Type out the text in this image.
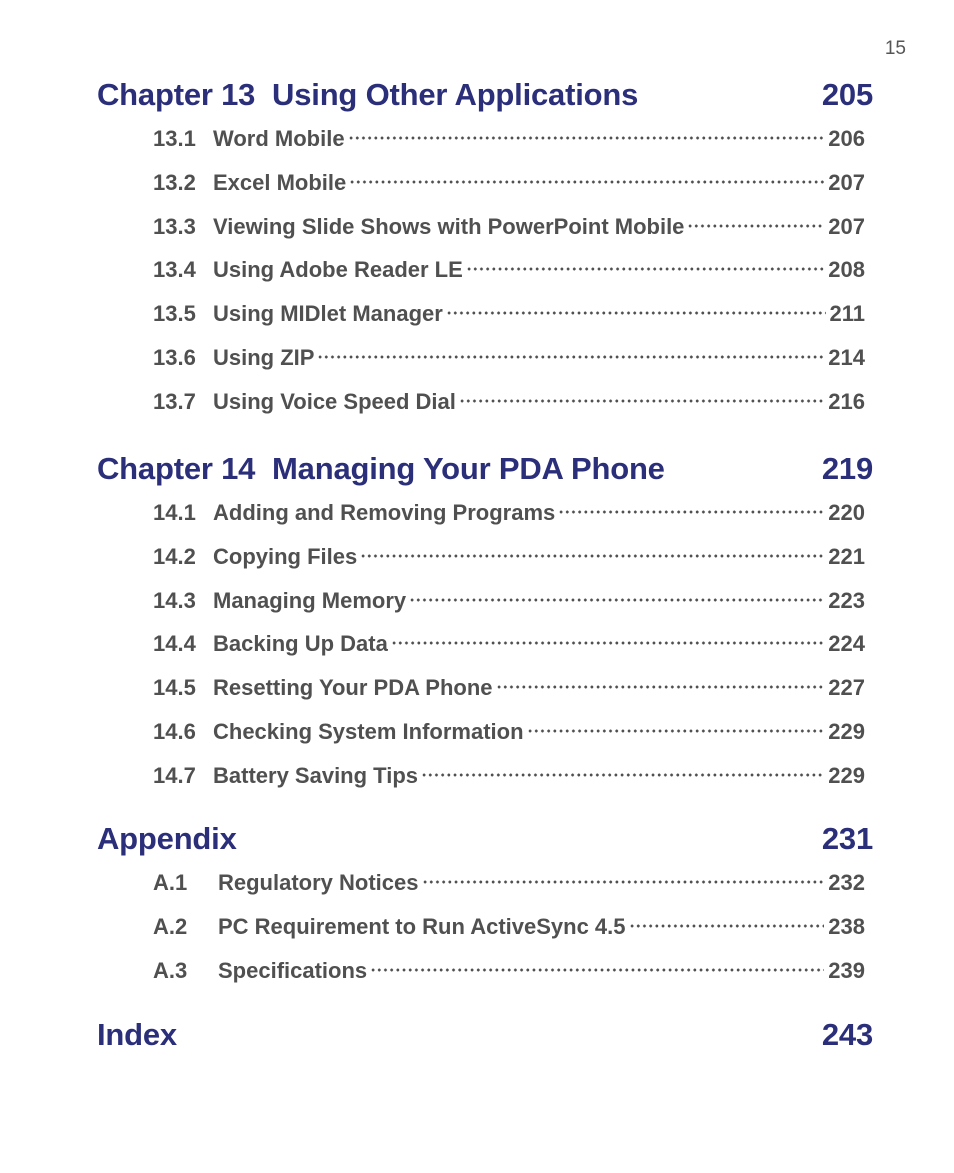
15
Chapter 13  Using Other Applications	205
13.1 Word Mobile	206
13.2 Excel Mobile	207
13.3 Viewing Slide Shows with PowerPoint Mobile	207
13.4 Using Adobe Reader LE	208
13.5 Using MIDlet Manager	211
13.6 Using ZIP	214
13.7 Using Voice Speed Dial	216
Chapter 14  Managing Your PDA Phone	219
14.1 Adding and Removing Programs	220
14.2 Copying Files	221
14.3 Managing Memory	223
14.4 Backing Up Data	224
14.5 Resetting Your PDA Phone	227
14.6 Checking System Information	229
14.7 Battery Saving Tips	229
Appendix	231
A.1	Regulatory Notices	232
A.2	PC Requirement to Run ActiveSync 4.5	238
A.3	Specifications	239
Index	243
